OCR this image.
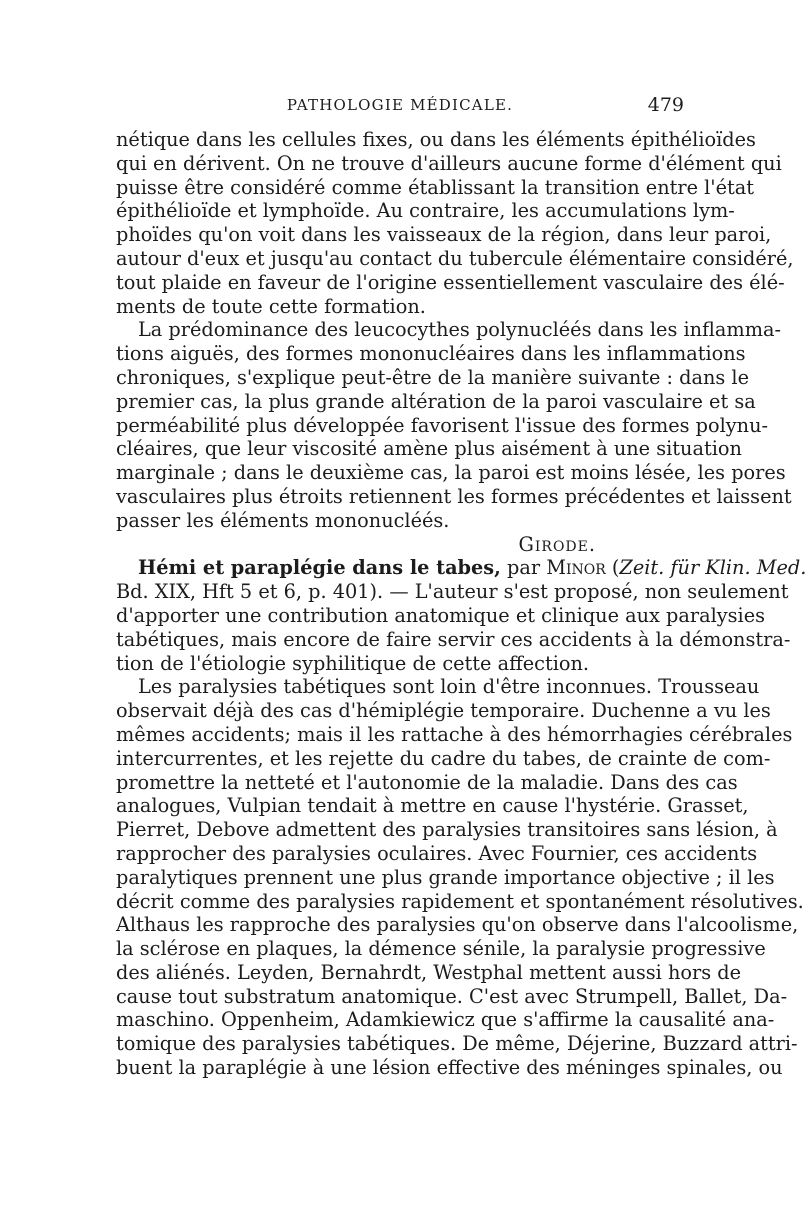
PATHOLOGIE MÉDICALE.	479
nétique dans les cellules fixes, ou dans les éléments épithélioïdes
qui en dérivent. On ne trouve d'ailleurs aucune forme d'élément qui
puisse être considéré comme établissant la transition entre l'état
épithélioïde et lymphoïde. Au contraire, les accumulations lym-
phoïdes qu'on voit dans les vaisseaux de la région, dans leur paroi,
autour d'eux et jusqu'au contact du tubercule élémentaire considéré,
tout plaide en faveur de l'origine essentiellement vasculaire des élé-
ments de toute cette formation.
La prédominance des leucocythes polynucléés dans les inflamma-
tions aiguës, des formes mononucléaires dans les inflammations
chroniques, s'explique peut-être de la manière suivante : dans le
premier cas, la plus grande altération de la paroi vasculaire et sa
perméabilité plus développée favorisent l'issue des formes polynu-
cléaires, que leur viscosité amène plus aisément à une situation
marginale ; dans le deuxième cas, la paroi est moins lésée, les pores
vasculaires plus étroits retiennent les formes précédentes et laissent
passer les éléments mononucléés.
Girode.
Hémi et paraplégie dans le tabes, par Minor (Zeit. für Klin. Med.
Bd. XIX, Hft 5 et 6, p. 401). — L'auteur s'est proposé, non seulement
d'apporter une contribution anatomique et clinique aux paralysies
tabétiques, mais encore de faire servir ces accidents à la démonstra-
tion de l'étiologie syphilitique de cette affection.
Les paralysies tabétiques sont loin d'être inconnues. Trousseau
observait déjà des cas d'hémiplégie temporaire. Duchenne a vu les
mêmes accidents; mais il les rattache à des hémorrhagies cérébrales
intercurrentes, et les rejette du cadre du tabes, de crainte de com-
promettre la netteté et l'autonomie de la maladie. Dans des cas
analogues, Vulpian tendait à mettre en cause l'hystérie. Grasset,
Pierret, Debove admettent des paralysies transitoires sans lésion, à
rapprocher des paralysies oculaires. Avec Fournier, ces accidents
paralytiques prennent une plus grande importance objective ; il les
décrit comme des paralysies rapidement et spontanément résolutives.
Althaus les rapproche des paralysies qu'on observe dans l'alcoolisme,
la sclérose en plaques, la démence sénile, la paralysie progressive
des aliénés. Leyden, Bernahrdt, Westphal mettent aussi hors de
cause tout substratum anatomique. C'est avec Strumpell, Ballet, Da-
maschino. Oppenheim, Adamkiewicz que s'affirme la causalité ana-
tomique des paralysies tabétiques. De même, Déjerine, Buzzard attri-
buent la paraplégie à une lésion effective des méninges spinales, ou
